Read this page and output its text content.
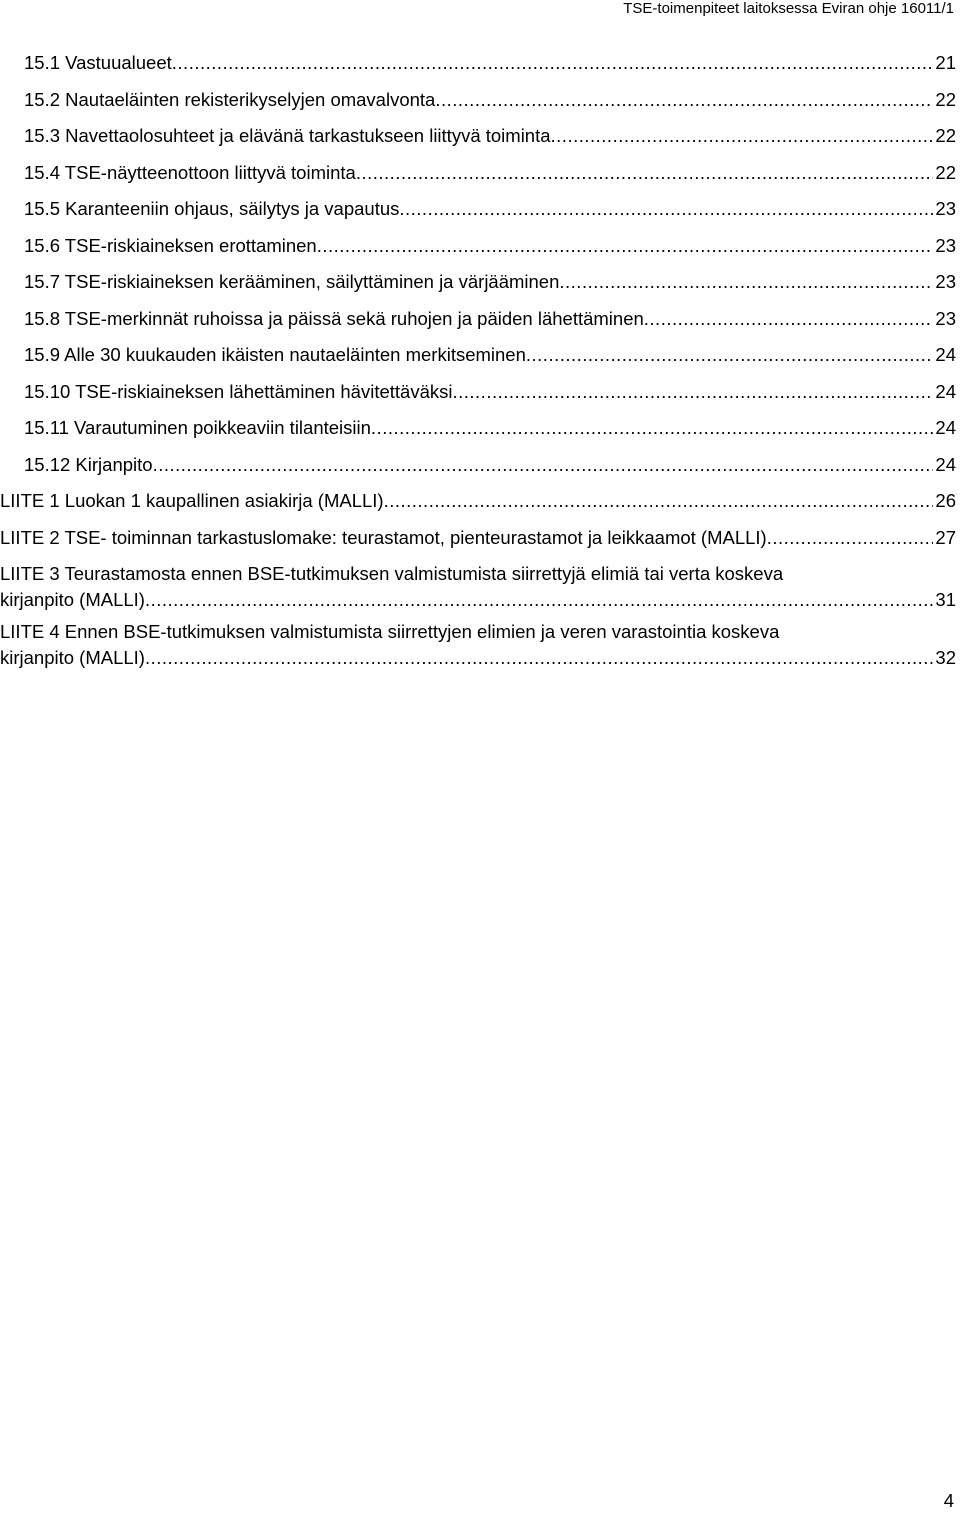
TSE-toimenpiteet laitoksessa Eviran ohje 16011/1
15.1 Vastuualueet .....	21
15.2 Nautaeläinten rekisterikyselyjen omavalvonta .....	22
15.3 Navettaolosuhteet ja elävänä tarkastukseen liittyvä toiminta .....	22
15.4 TSE-näytteenottoon liittyvä toiminta .....	22
15.5 Karanteeniin ohjaus, säilytys ja vapautus .....	23
15.6 TSE-riskiaineksen erottaminen .....	23
15.7 TSE-riskiaineksen kerääminen, säilyttäminen ja värjääminen .....	23
15.8 TSE-merkinnät ruhoissa ja päissä sekä ruhojen ja päiden lähettäminen .....	23
15.9 Alle 30 kuukauden ikäisten nautaeläinten merkitseminen .....	24
15.10 TSE-riskiaineksen lähettäminen hävitettäväksi .....	24
15.11 Varautuminen poikkeaviin tilanteisiin .....	24
15.12 Kirjanpito .....	24
LIITE 1 Luokan 1 kaupallinen asiakirja (MALLI) .....	26
LIITE 2 TSE- toiminnan tarkastuslomake: teurastamot, pienteurastamot ja leikkaamot (MALLI) .....	27
LIITE 3 Teurastamosta ennen BSE-tutkimuksen valmistumista siirrettyjä elimiä tai verta koskeva
kirjanpito (MALLI) .....	31
LIITE 4 Ennen BSE-tutkimuksen valmistumista siirrettyjen elimien ja veren varastointia koskeva
kirjanpito (MALLI) .....	32
4
